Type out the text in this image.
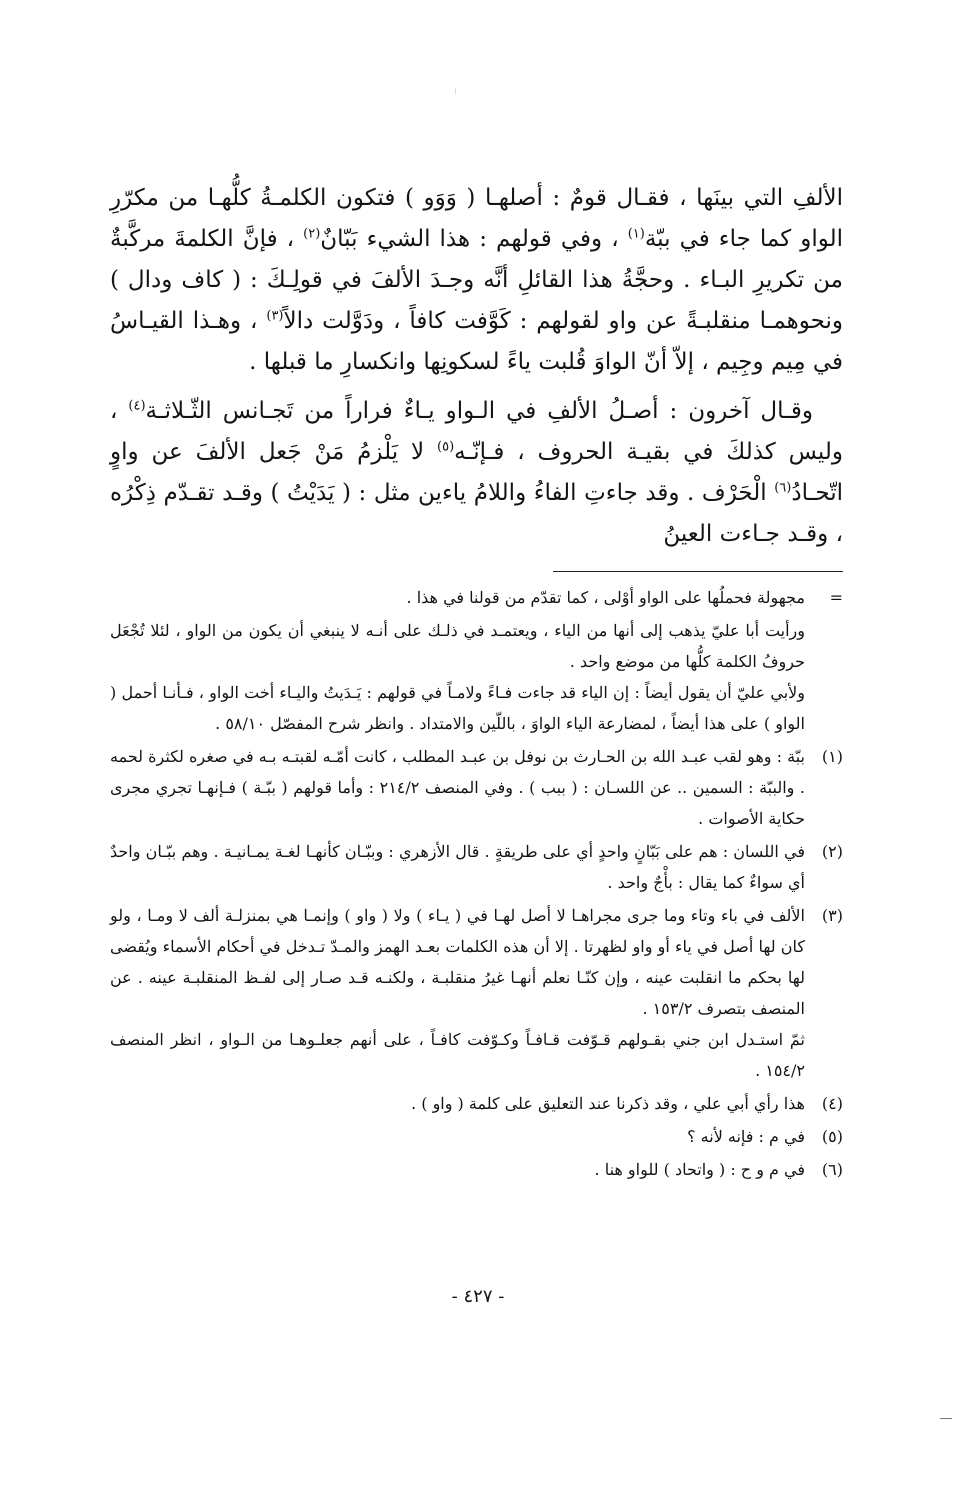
الألفِ التي بينَها ، فقـال قومٌ : أصلهـا ( وَوَو ) فتكون الكلمـةُ كلُّهـا من مكرّرِ الواو كما جاء في ببّة$^{(١)}$ ، وفي قولهم : هذا الشيء بَبّانٌ$^{(٢)}$ ، فإنَّ الكلمةَ مركَّبةٌ من تكريرِ البـاء . وحجَّةُ هذا القائلِ أنَّه وجـدَ الألفَ في قولِـكَ : ( كاف ودال ) ونحوهمـا منقلبـةً عن واو لقولهم : كَوَّفت كافاً ، ودَوَّلت دالاً$^{(٣)}$ ، وهـذا القيـاسُ في مِيم وجِيم ، إلاّ أنّ الواوَ قُلبت ياءً لسكونِها وانكسارِ ما قبلها .

وقـال آخرون : أصـلُ الألفِ في الـواو يـاءٌ فراراً من تَجـانس الثّـلاثـة$^{(٤)}$ ، وليس كذلكَ في بقيـة الحروف ، فـإنّـه$^{(٥)}$ لا يَلْزمُ مَنْ جَعل الألفَ عن واوٍ اتّحـادُ$^{(٦)}$ الْحَرْف . وقد جاءتِ الفاءُ واللامُ ياءين مثل : ( يَدَيْتُ ) وقـد تقـدّم ذِكْرُه ، وقـد جـاءت العينُ

=

مجهولة فحملُها على الواو أوْلى ، كما تقدّم من قولنا في هذا .

ورأيت أبا عليّ يذهب إلى أنها من الياء ، ويعتمـد في ذلـك على أنـه لا ينبغي أن يكون من الواو ، لئلا تُجْعَل حروفُ الكلمة كلُّها من موضع واحد .

ولأبي عليّ أن يقول أيضاً : إن الياء قد جاءت فـاءً ولامـاً في قولهم : يَـدَيتُ واليـاء أخت الواو ، فـأنـا أحمل ( الواو ) على هذا أيضاً ، لمضارعة الياء الواوَ ، باللّين والامتداد . وانظر شرح المفصّل ٥٨/١٠ .

(١)

ببّة : وهو لقب عبـد الله بن الحـارث بن نوفل بن عبـد المطلب ، كانت أمّـه لقبتـه بـه في صغره لكثرة لحمه . والببّة : السمين .. عن اللسـان : ( ببب ) . وفي المنصف ٢١٤/٢ : وأما قولهم ( ببّـة ) فـإنهـا تجري مجرى حكاية الأصوات .

(٢)

في اللسان : هم على بَبّانٍ واحدٍ أي على طريقةٍ . قال الأزهري : وببّـان كأنهـا لغـة يمـانيـة . وهم ببّـان واحدٌ أي سواءٌ كما يقال : بأْجٌ واحد .

(٣)

الألف في باء وتاء وما جرى مجراهـا لا أصل لهـا في ( يـاء ) ولا ( واو ) وإنمـا هي بمنزلـة ألف لا ومـا ، ولو كان لها أصل في ياء أو واو لظهرتا . إلا أن هذه الكلمات بعـد الهمز والمـدّ تـدخل في أحكام الأسماء ويُقضى لها بحكم ما انقلبت عينه ، وإن كنّـا نعلم أنهـا غيرُ منقلبـة ، ولكنـه قـد صـار إلى لفـظ المنقلبـة عينه . عن المنصف بتصرف ١٥٣/٢ .

ثمّ استـدل ابن جني بقـولهم قـوّفت قـافـاً وكـوّفت كافـاً ، على أنهم جعلـوهـا من الـواو ، انظر المنصف ١٥٤/٢ .

(٤)

هذا رأي أبي علي ، وقد ذكرنا عند التعليق على كلمة ( واو ) .

(٥)

في م : فإنه لأنه ؟

(٦)

في م و ح : ( واتحاد ) للواو هنا .

- ٤٢٧ -
